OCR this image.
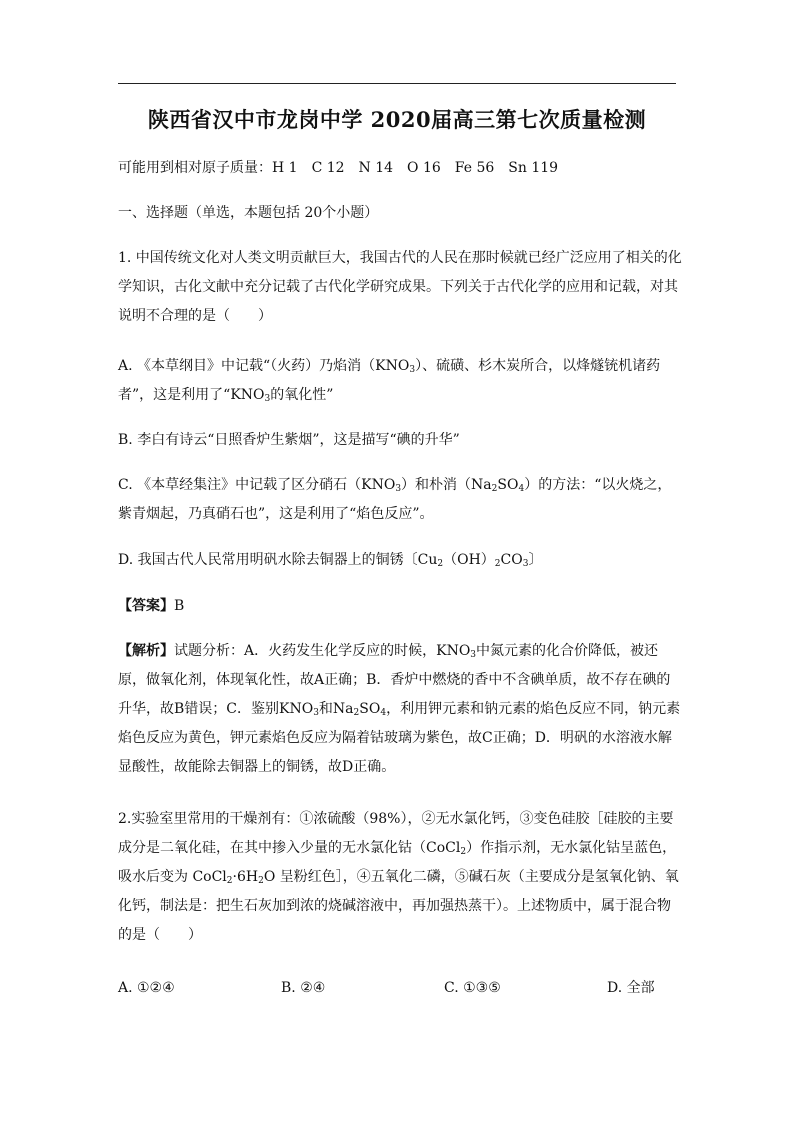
陕西省汉中市龙岗中学 2020届高三第七次质量检测
可能用到相对原子质量：H 1　C 12　N 14　O 16　Fe 56　Sn 119
一、选择题（单选，本题包括 20个小题）
1. 中国传统文化对人类文明贡献巨大，我国古代的人民在那时候就已经广泛应用了相关的化学知识，古化文献中充分记载了古代化学研究成果。下列关于古代化学的应用和记载，对其说明不合理的是（　　）
A. 《本草纲目》中记载“（火药）乃焰消$(KNO_3)$、硫磺、杉木炭所合，以烽燧铳机诸药者”，这是利用了“$KNO_3$的氧化性”
B. 李白有诗云“日照香炉生紫烟”，这是描写“碘的升华”
C. 《本草经集注》中记载了区分硝石$(KNO_3)$和朴消$(Na_2SO_4)$的方法：“以火烧之，紫青烟起，乃真硝石也”，这是利用了“焰色反应”。
D. 我国古代人民常用明矾水除去铜器上的铜锈〔$Cu_2(OH)_2CO_3$〕
【答案】B
【解析】试题分析：A．火药发生化学反应的时候，$KNO_3$中氮元素的化合价降低，被还原，做氧化剂，体现氧化性，故A正确；B．香炉中燃烧的香中不含碘单质，故不存在碘的升华，故B错误；C．鉴别$KNO_3$和$Na_2SO_4$，利用钾元素和钠元素的焰色反应不同，钠元素焰色反应为黄色，钾元素焰色反应为隔着钴玻璃为紫色，故C正确；D．明矾的水溶液水解显酸性，故能除去铜器上的铜锈，故D正确。
2.实验室里常用的干燥剂有：①浓硫酸（98%），②无水氯化钙，③变色硅胶［硅胶的主要成分是二氧化硅，在其中掺入少量的无水氯化钴（CoCl$_2$）作指示剂，无水氯化钴呈蓝色，吸水后变为 $CoCl_2\cdot 6H_2O$ 呈粉红色］，④五氧化二磷，⑤碱石灰（主要成分是氢氧化钠、氧化钙，制法是：把生石灰加到浓的烧碱溶液中，再加强热蒸干）。上述物质中，属于混合物的是（　　）
A. ①②④	B. ②④	C. ①③⑤	D. 全部
